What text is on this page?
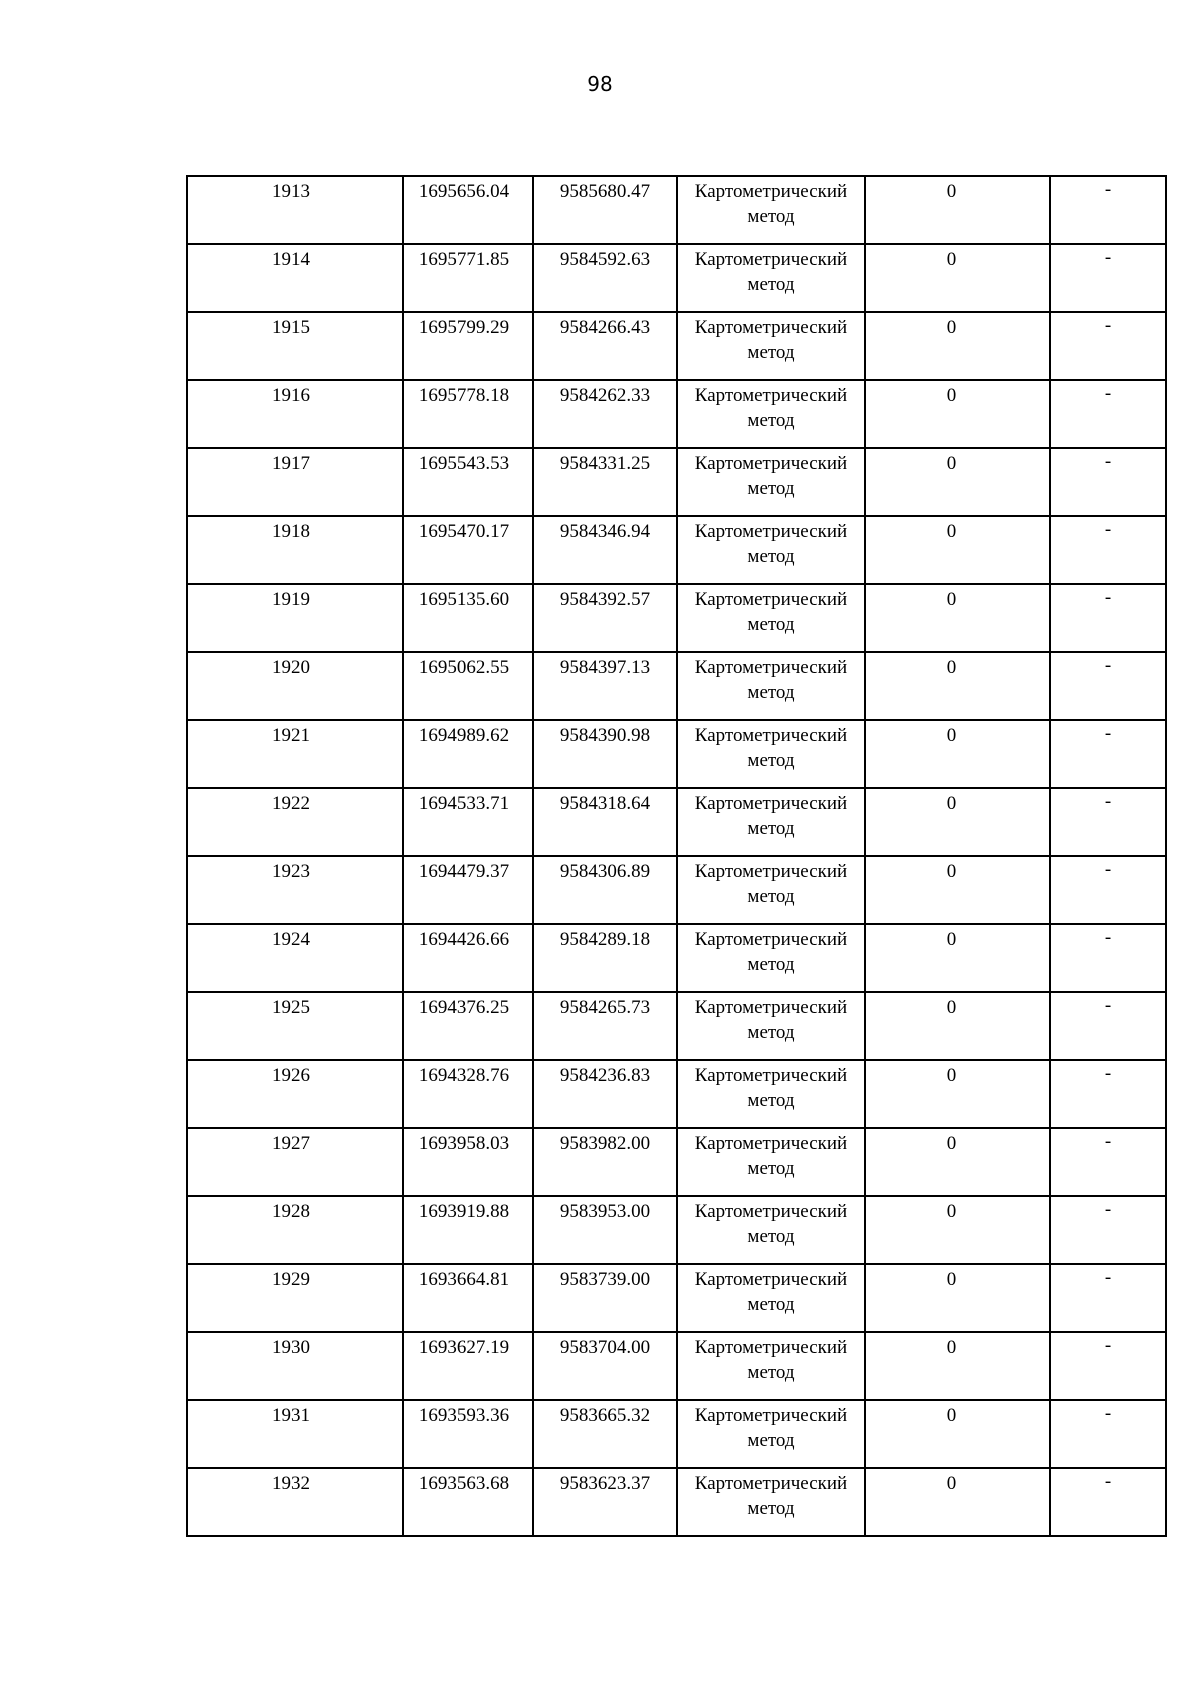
98
1913	1695656.04	9585680.47	Картометрический метод	0	-

1914	1695771.85	9584592.63	Картометрический метод	0	-

1915	1695799.29	9584266.43	Картометрический метод	0	-

1916	1695778.18	9584262.33	Картометрический метод	0	-

1917	1695543.53	9584331.25	Картометрический метод	0	-

1918	1695470.17	9584346.94	Картометрический метод	0	-

1919	1695135.60	9584392.57	Картометрический метод	0	-

1920	1695062.55	9584397.13	Картометрический метод	0	-

1921	1694989.62	9584390.98	Картометрический метод	0	-

1922	1694533.71	9584318.64	Картометрический метод	0	-

1923	1694479.37	9584306.89	Картометрический метод	0	-

1924	1694426.66	9584289.18	Картометрический метод	0	-

1925	1694376.25	9584265.73	Картометрический метод	0	-

1926	1694328.76	9584236.83	Картометрический метод	0	-

1927	1693958.03	9583982.00	Картометрический метод	0	-

1928	1693919.88	9583953.00	Картометрический метод	0	-

1929	1693664.81	9583739.00	Картометрический метод	0	-

1930	1693627.19	9583704.00	Картометрический метод	0	-

1931	1693593.36	9583665.32	Картометрический метод	0	-

1932	1693563.68	9583623.37	Картометрический метод	0	-
